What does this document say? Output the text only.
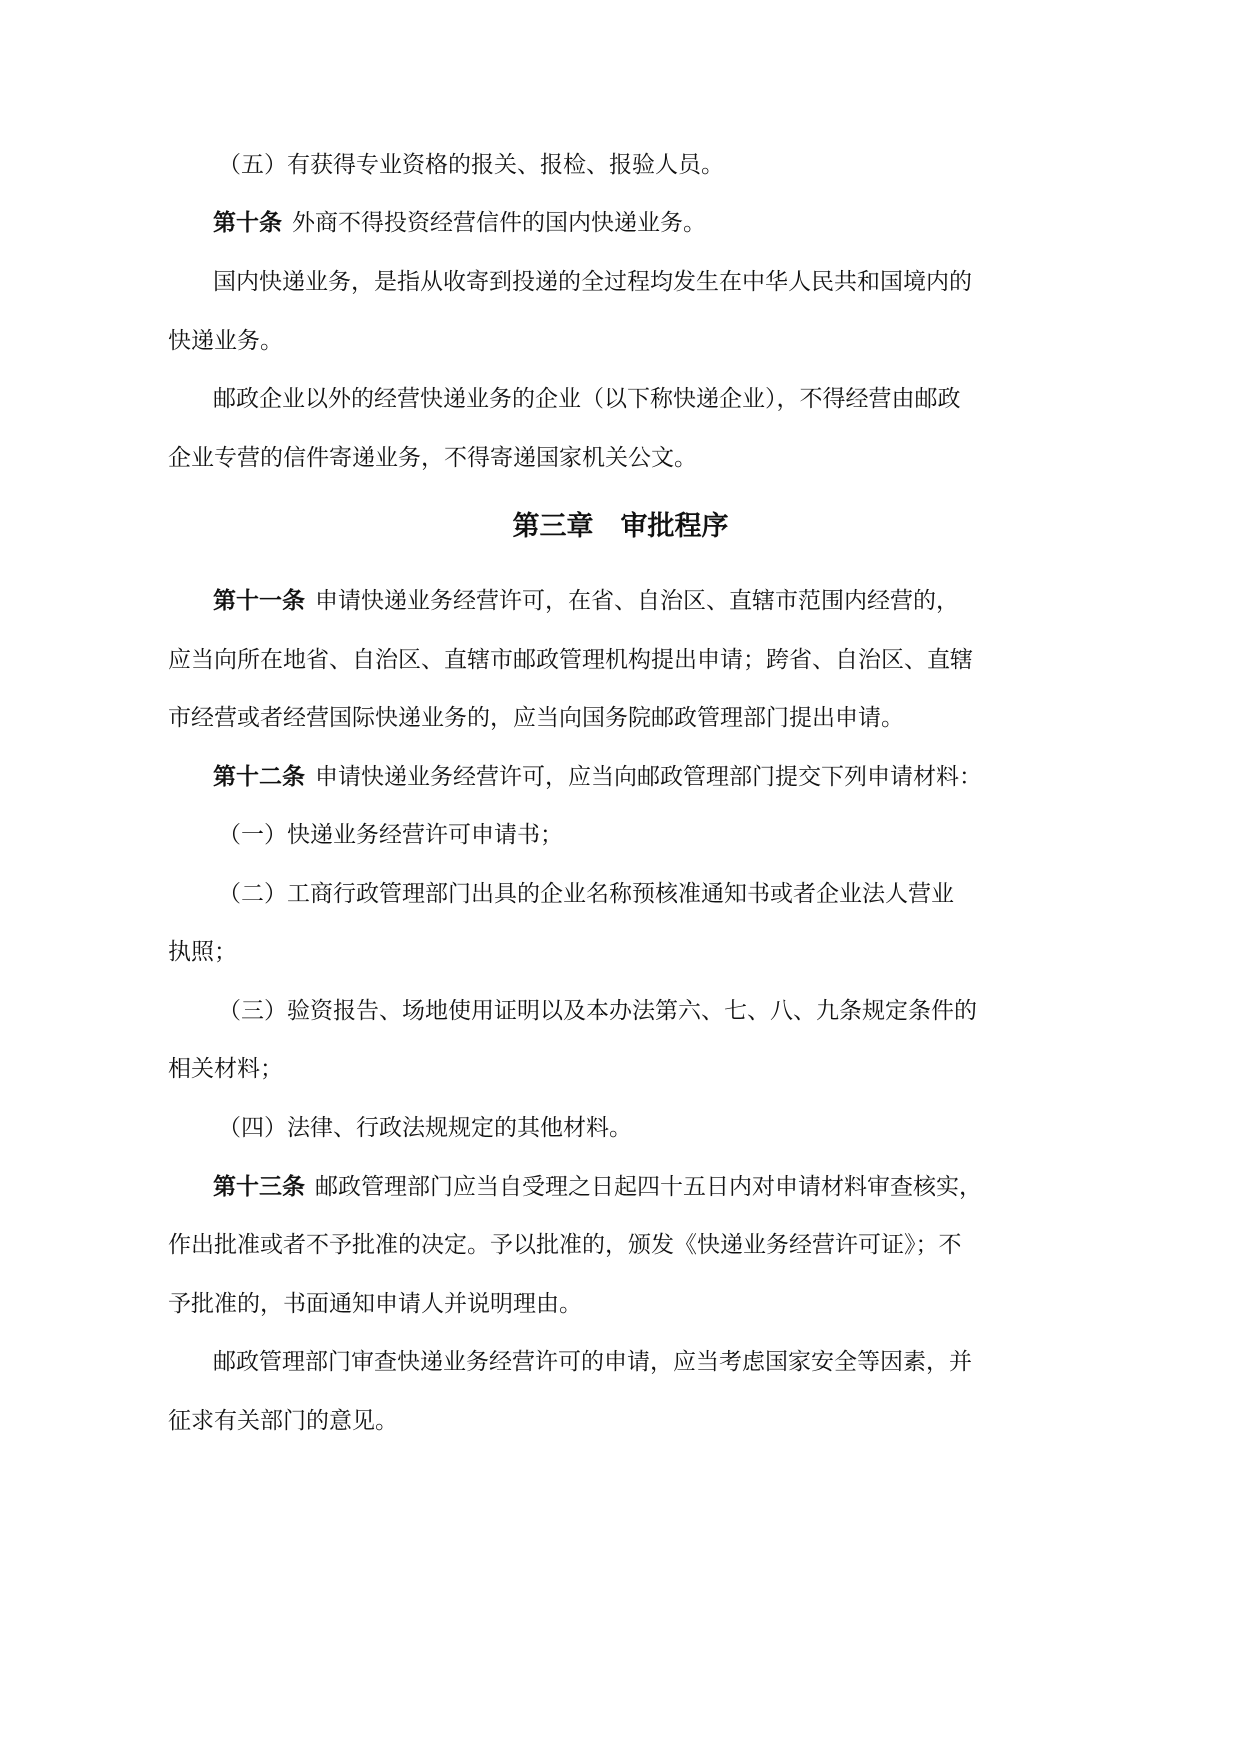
（五）有获得专业资格的报关、报检、报验人员。
第十条 外商不得投资经营信件的国内快递业务。
国内快递业务，是指从收寄到投递的全过程均发生在中华人民共和国境内的
快递业务。
邮政企业以外的经营快递业务的企业（以下称快递企业），不得经营由邮政
企业专营的信件寄递业务，不得寄递国家机关公文。
第三章　审批程序
第十一条 申请快递业务经营许可，在省、自治区、直辖市范围内经营的，
应当向所在地省、自治区、直辖市邮政管理机构提出申请；跨省、自治区、直辖
市经营或者经营国际快递业务的，应当向国务院邮政管理部门提出申请。
第十二条 申请快递业务经营许可，应当向邮政管理部门提交下列申请材料：
（一）快递业务经营许可申请书；
（二）工商行政管理部门出具的企业名称预核准通知书或者企业法人营业
执照；
（三）验资报告、场地使用证明以及本办法第六、七、八、九条规定条件的
相关材料；
（四）法律、行政法规规定的其他材料。
第十三条 邮政管理部门应当自受理之日起四十五日内对申请材料审查核实，
作出批准或者不予批准的决定。予以批准的，颁发《快递业务经营许可证》；不
予批准的，书面通知申请人并说明理由。
邮政管理部门审查快递业务经营许可的申请，应当考虑国家安全等因素，并
征求有关部门的意见。
